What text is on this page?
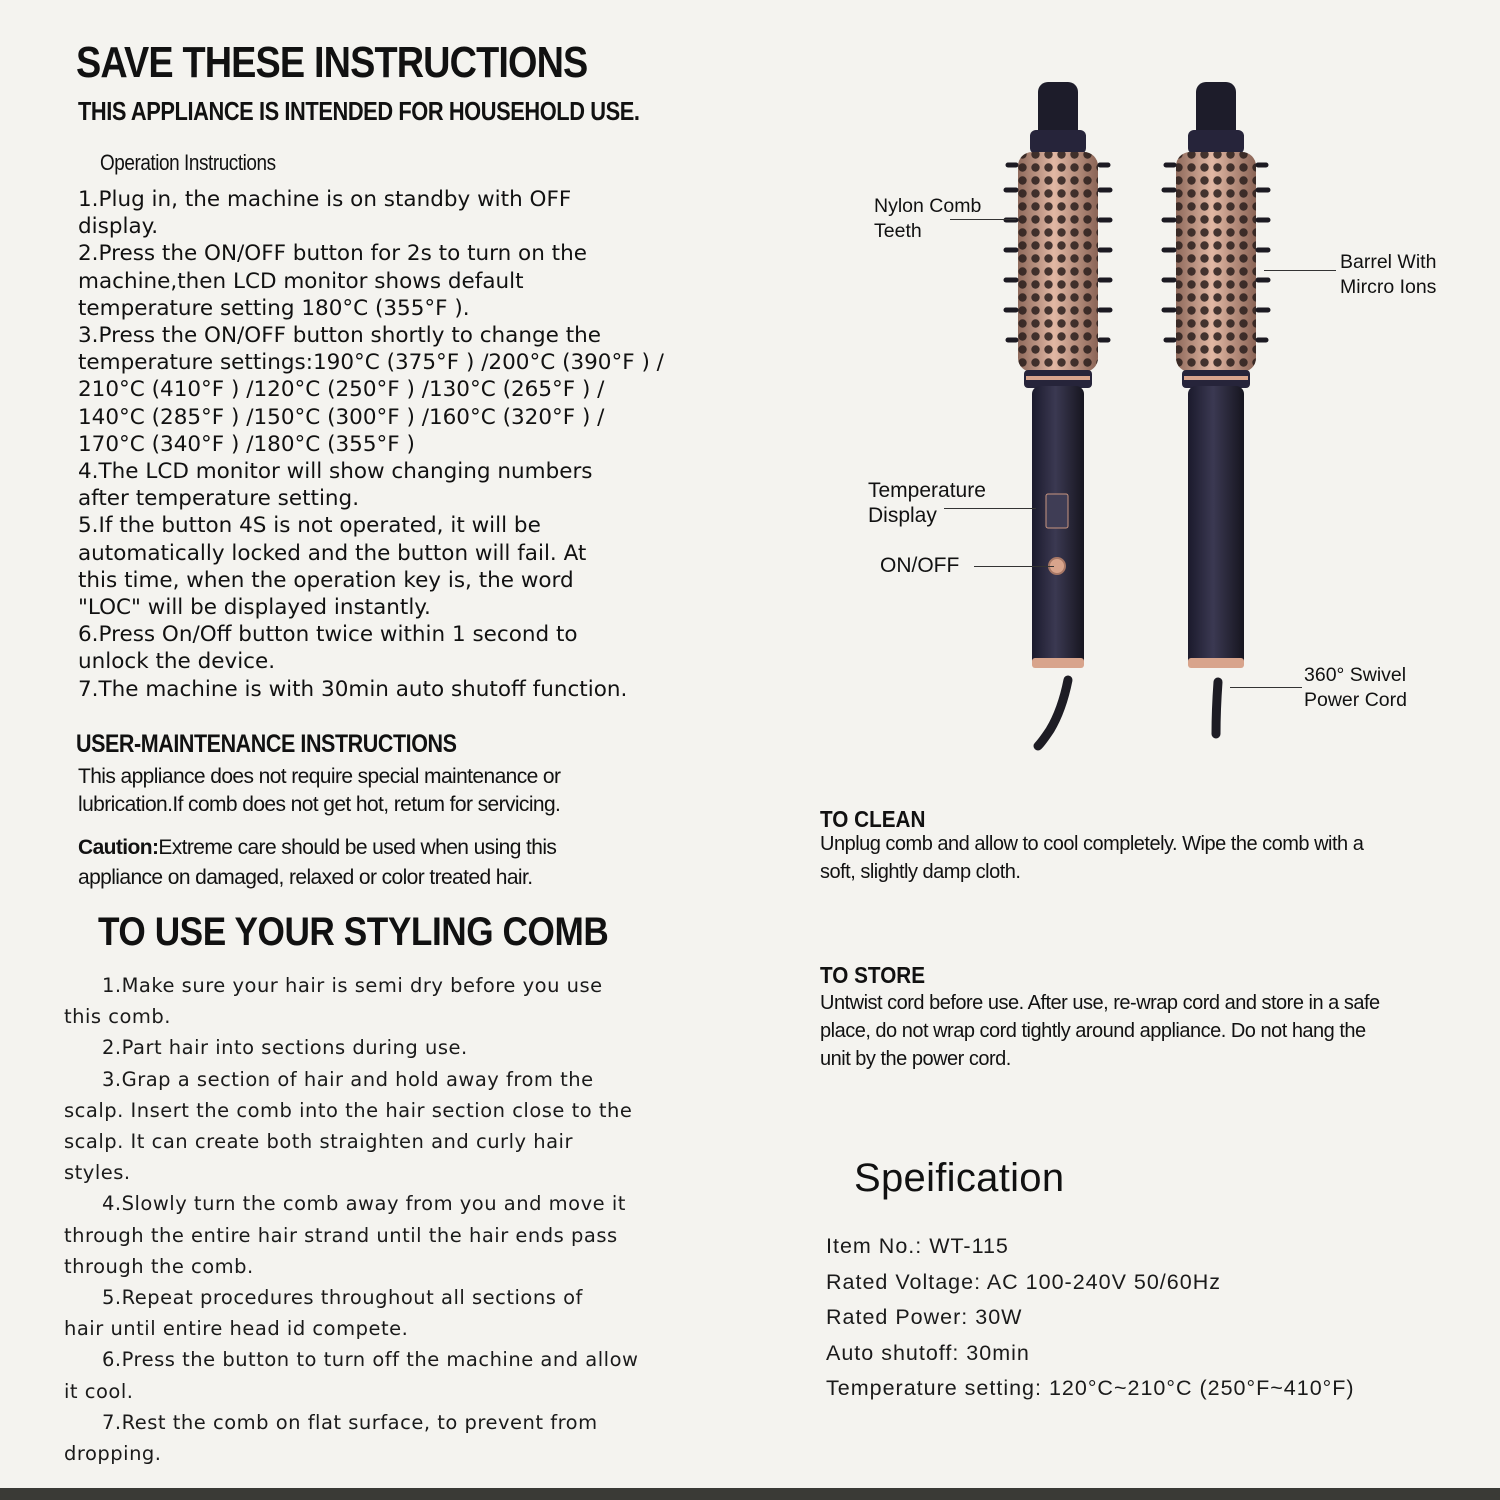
SAVE THESE INSTRUCTIONS
THIS APPLIANCE IS INTENDED FOR HOUSEHOLD USE.
Operation Instructions

1.Plug in, the machine is on standby with OFF
display.

2.Press the ON/OFF button for 2s to turn on the
machine,then LCD monitor shows default
temperature setting 180°C (355°F ).

3.Press the ON/OFF button shortly to change the
temperature settings:190°C (375°F ) /200°C (390°F ) /
210°C (410°F ) /120°C (250°F ) /130°C (265°F ) /
140°C (285°F ) /150°C (300°F ) /160°C (320°F ) /
170°C (340°F ) /180°C (355°F )

4.The LCD monitor will show changing numbers
after temperature setting.

5.If the button 4S is not operated, it will be
automatically locked and the button will fail. At
this time, when the operation key is, the word
"LOC" will be displayed instantly.

6.Press On/Off button twice within 1 second to
unlock the device.

7.The machine is with 30min auto shutoff function.

USER-MAINTENANCE INSTRUCTIONS
This appliance does not require special maintenance or
lubrication.If comb does not get hot, retum for servicing.
Caution:Extreme care should be used when using this
appliance on damaged, relaxed or color treated hair.
TO USE YOUR STYLING COMB

1.Make sure your hair is semi dry before you use
this comb.

2.Part hair into sections during use.

3.Grap a section of hair and hold away from the
scalp. Insert the comb into the hair section close to the
scalp. It can create both straighten and curly hair
styles.

4.Slowly turn the comb away from you and move it
through the entire hair strand until the hair ends pass
through the comb.

5.Repeat procedures throughout all sections of
hair until entire head id compete.

6.Press the button to turn off the machine and allow
it cool.

7.Rest the comb on flat surface, to prevent from
dropping.

Nylon Comb
Teeth
Barrel With
Mircro Ions
Temperature
Display
ON/OFF
360° Swivel
Power Cord
TO CLEAN
Unplug comb and allow to cool completely. Wipe the comb with a
soft, slightly damp cloth.
TO STORE
Untwist cord before use. After use, re-wrap cord and store in a safe
place, do not wrap cord tightly around appliance. Do not hang the
unit by the power cord.
Speification
Item No.: WT-115
Rated Voltage: AC 100-240V 50/60Hz
Rated Power: 30W
Auto shutoff: 30min
Temperature setting: 120°C~210°C (250°F~410°F)
